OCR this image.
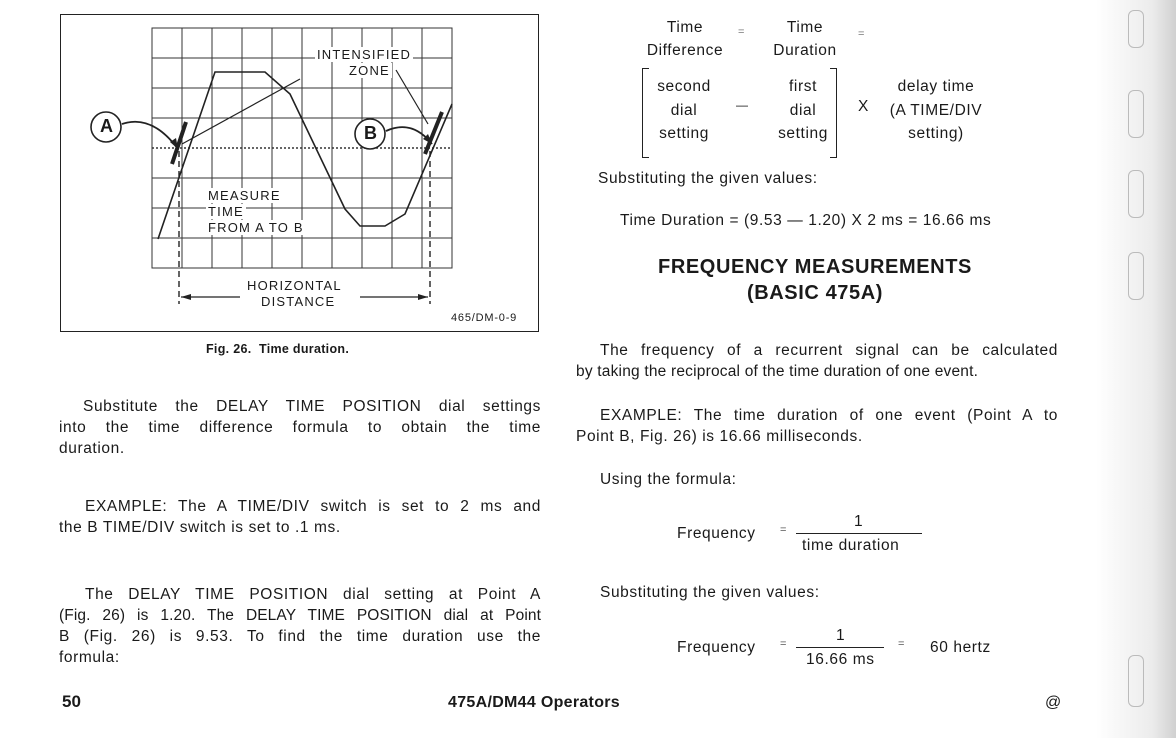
INTENSIFIED
ZONE
A	B
MEASURE
TIME
FROM A TO B
HORIZONTAL
DISTANCE
465/DM-0-9
Fig. 26.  Time duration.
Substitute the DELAY TIME POSITION dial settings
into the time difference formula to obtain the time
duration.
EXAMPLE: The A TIME/DIV switch is set to 2 ms and
the B TIME/DIV switch is set to .1 ms.
The DELAY TIME POSITION dial setting at Point A
(Fig. 26) is 1.20. The DELAY TIME POSITION dial at Point
B (Fig. 26) is 9.53. To find the time duration use the
formula:
Time
Difference
=	Time
Duration
=
second
dial
setting
—
first
dial
setting
X
delay time
(A TIME/DIV
setting)
Substituting the given values:
Time Duration = (9.53 — 1.20) X 2 ms = 16.66 ms
FREQUENCY MEASUREMENTS
(BASIC 475A)
The frequency of a recurrent signal can be calculated
by taking the reciprocal of the time duration of one event.
EXAMPLE: The time duration of one event (Point A to
Point B, Fig. 26) is 16.66 milliseconds.
Using the formula:
Frequency =	1
time duration
Substituting the given values:
Frequency =	1
16.66 ms
= 60 hertz
50	475A/DM44 Operators	@
